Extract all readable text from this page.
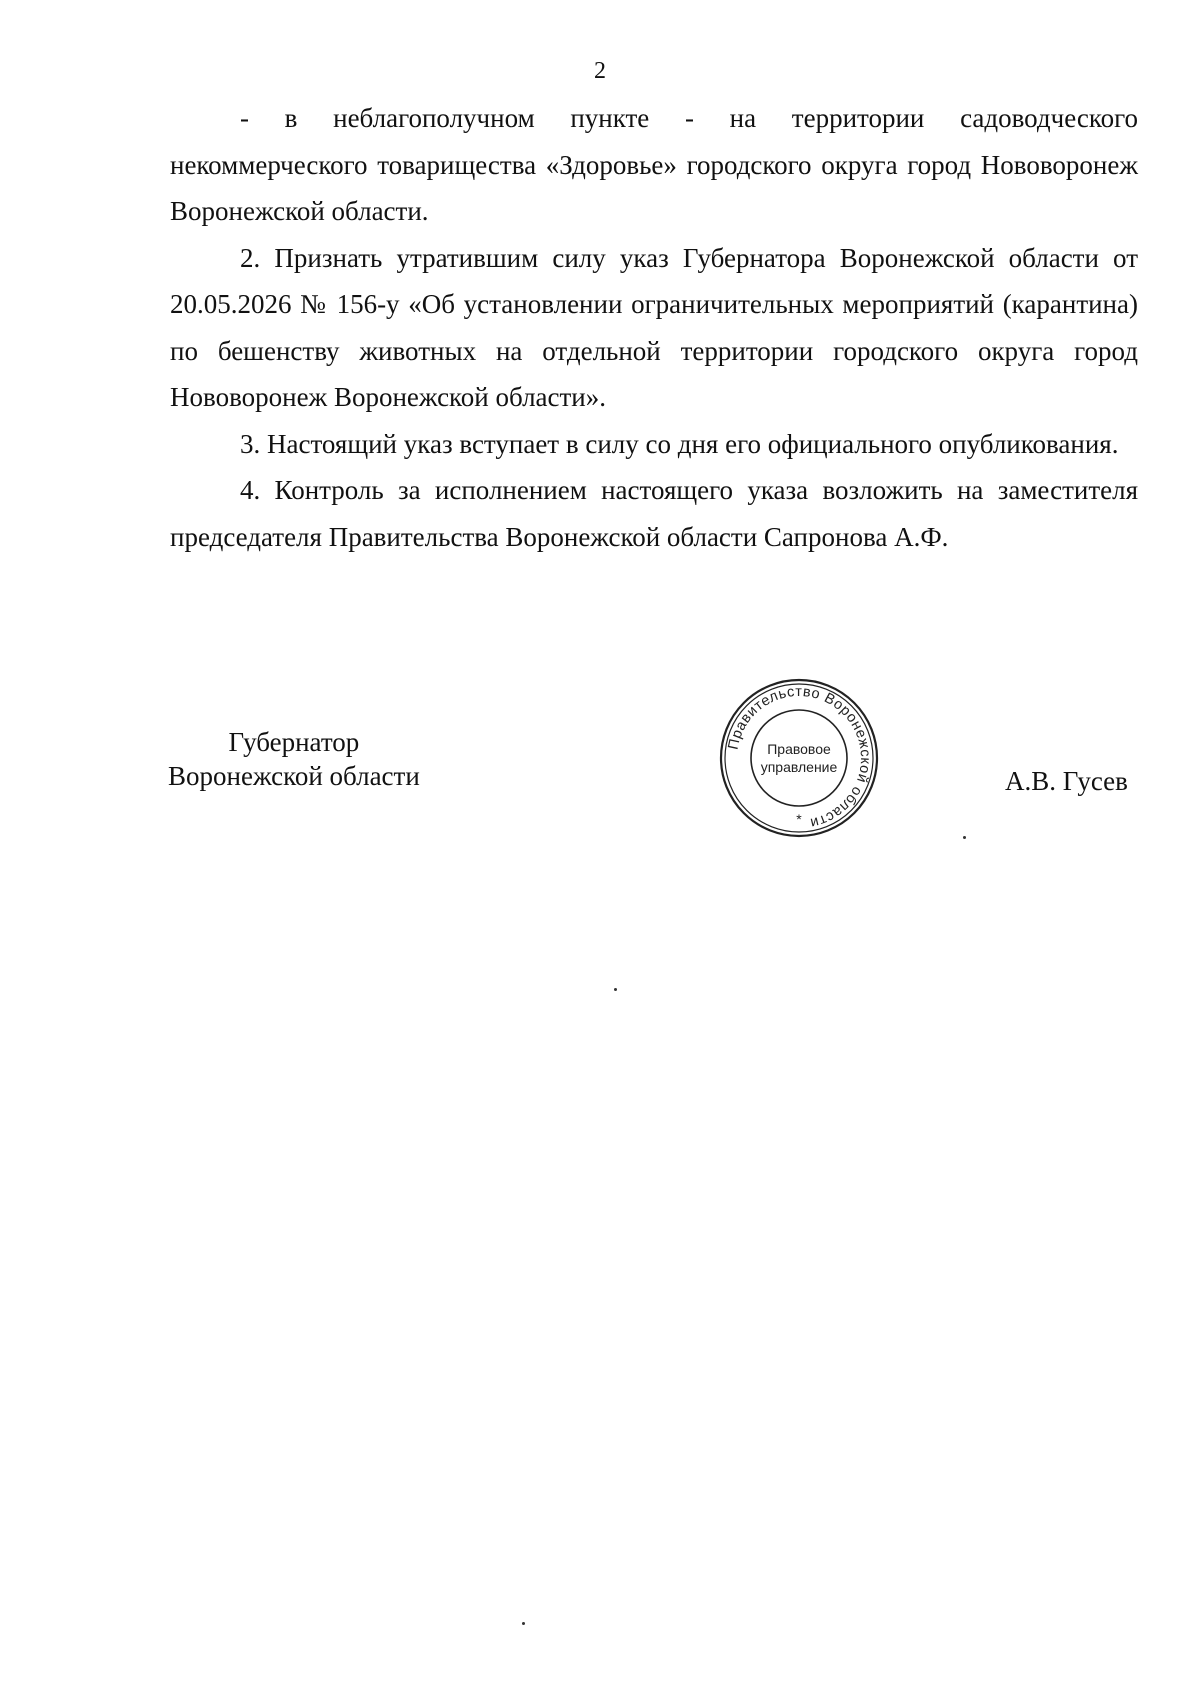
2

- в неблагополучном пункте - на территории садоводческого некоммерческого товарищества «Здоровье» городского округа город Нововоронеж Воронежской области.

2. Признать утратившим силу указ Губернатора Воронежской области от 20.05.2026 № 156-у «Об установлении ограничительных мероприятий (карантина) по бешенству животных на отдельной территории городского округа город Нововоронеж Воронежской области».

3. Настоящий указ вступает в силу со дня его официального опубликования.

4. Контроль за исполнением настоящего указа возложить на заместителя председателя Правительства Воронежской области Сапронова А.Ф.

Губернатор
Воронежской области
Правительство Воронежской области
Правовое
управление
*
А.В. Гусев
